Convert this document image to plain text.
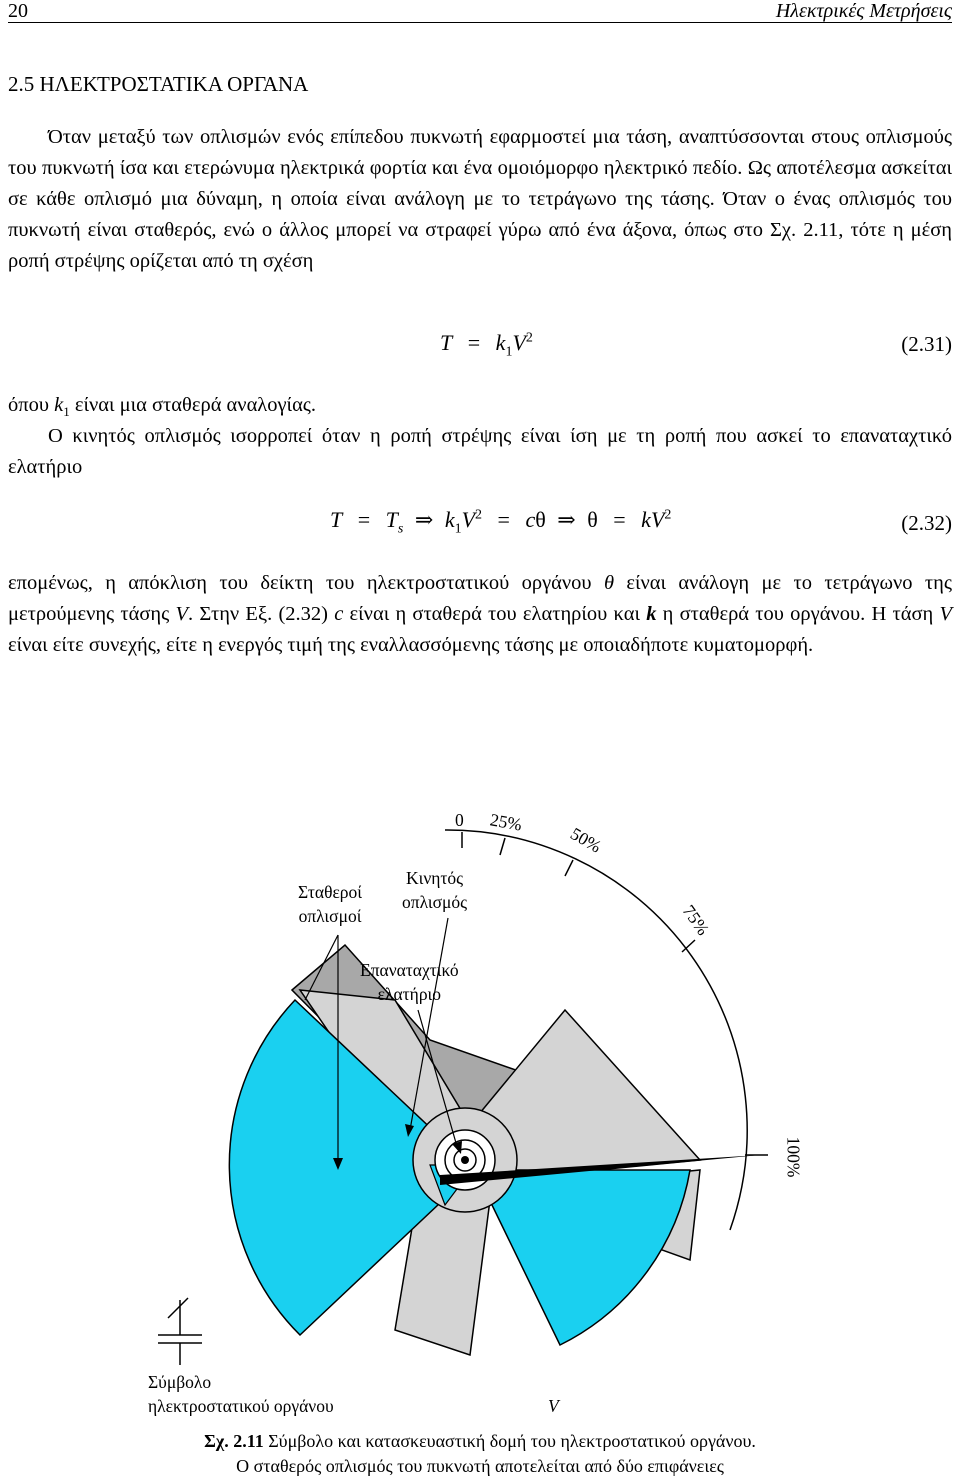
20	Ηλεκτρικές Μετρήσεις
2.5 ΗΛΕΚΤΡΟΣΤΑΤΙΚΑ ΟΡΓΑΝΑ

Όταν μεταξύ των οπλισμών ενός επίπεδου πυκνωτή εφαρμοστεί μια τάση, αναπτύσσονται στους οπλισμούς του πυκνωτή ίσα και ετερώνυμα ηλεκτρικά φορτία και ένα ομοιόμορφο ηλεκτρικό πεδίο. Ως αποτέλεσμα ασκείται σε κάθε οπλισμό μια δύναμη, η οποία είναι ανάλογη με το τετράγωνο της τάσης. Όταν ο ένας οπλισμός του πυκνωτή είναι σταθερός, ενώ ο άλλος μπορεί να στραφεί γύρω από ένα άξονα, όπως στο Σχ. 2.11, τότε η μέση ροπή στρέψης ορίζεται από τη σχέση

$T = k_1V^2$	(2.31)

όπου $k_1$ είναι μια σταθερά αναλογίας.

Ο κινητός οπλισμός ισορροπεί όταν η ροπή στρέψης είναι ίση με τη ροπή που ασκεί το επαναταχτικό ελατήριο

$T = T_s$ ⇒ $k_1V^2 = c\theta$ ⇒ $\theta = kV^2$	(2.32)

επομένως, η απόκλιση του δείκτη του ηλεκτροστατικού οργάνου θ είναι ανάλογη με το τετράγωνο της μετρούμενης τάσης V. Στην Εξ. (2.32) c είναι η σταθερά του ελατηρίου και k η σταθερά του οργάνου. Η τάση V είναι είτε συνεχής, είτε η ενεργός τιμή της εναλλασσόμενης τάσης με οποιαδήποτε κυματομορφή.

0 25%
50%
75%
100%
Σταθεροί
οπλισμοί
Κινητός
οπλισμός
Επαναταχτικό
ελατήριο
Σύμβολο
ηλεκτροστατικού οργάνου	V
Σχ. 2.11 Σύμβολο και κατασκευαστική δομή του ηλεκτροστατικού οργάνου.
Ο σταθερός οπλισμός του πυκνωτή αποτελείται από δύο επιφάνειες
